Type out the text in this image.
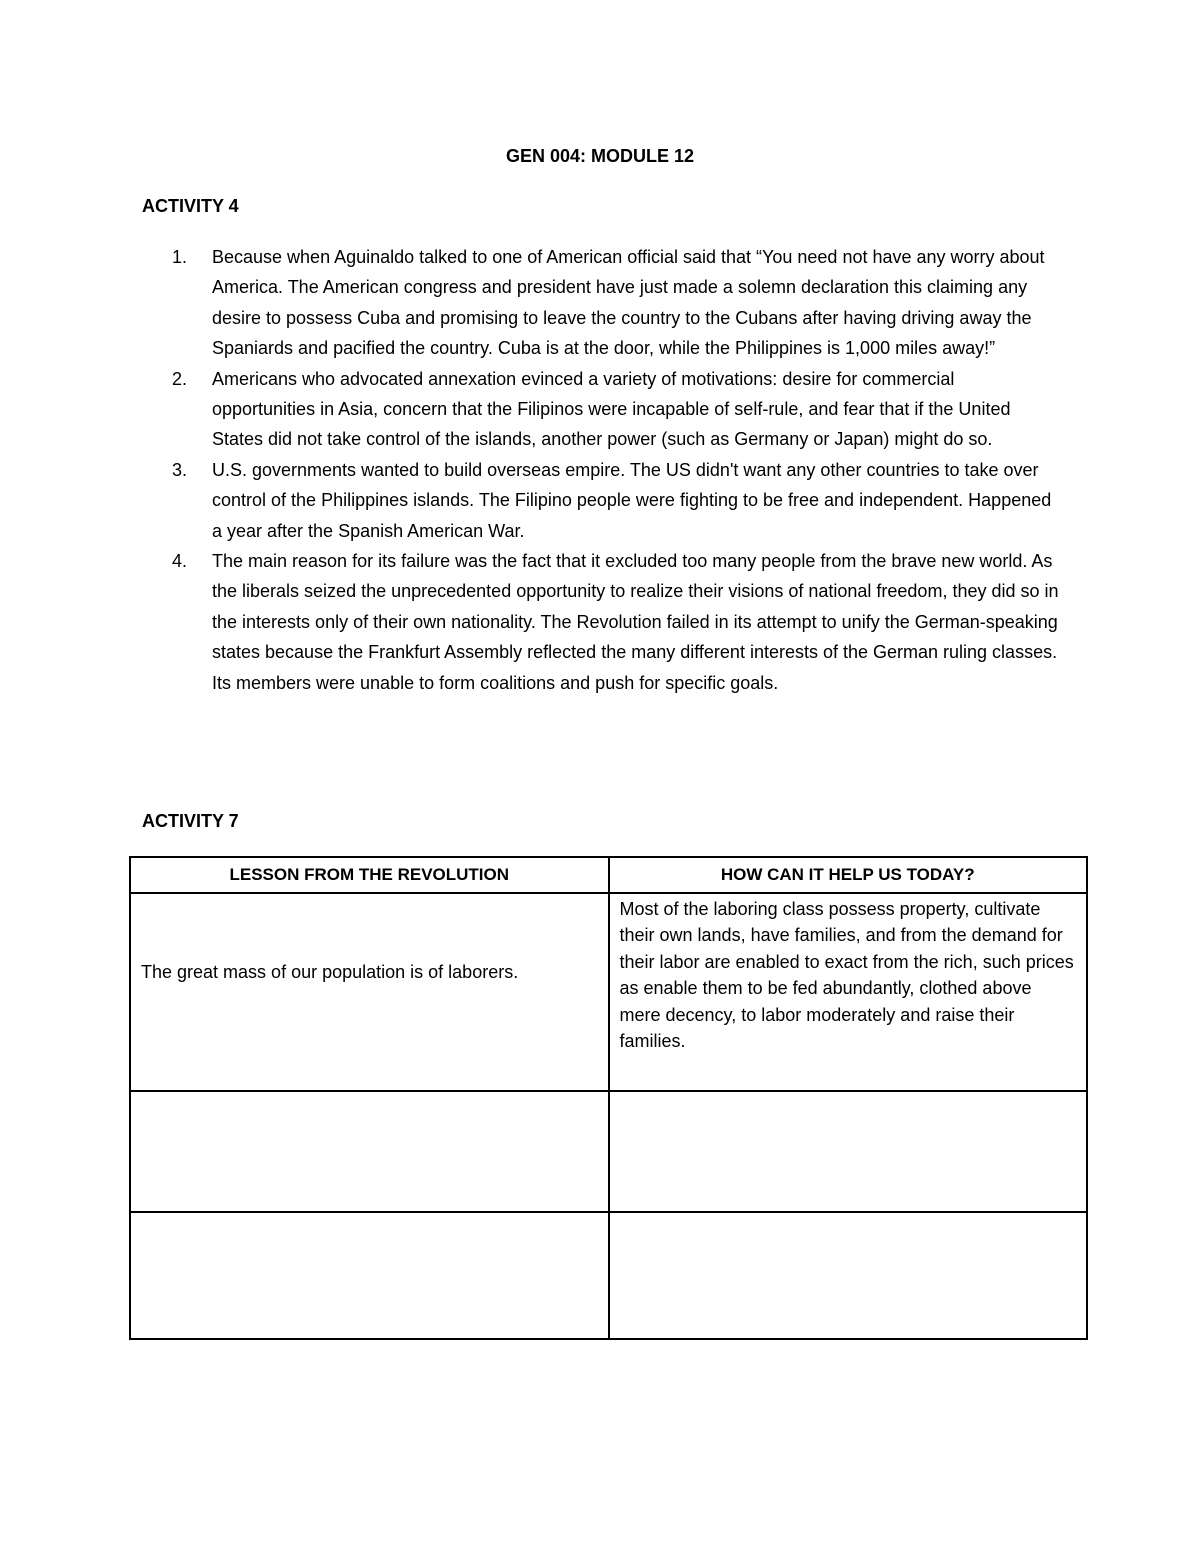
GEN 004: MODULE 12
ACTIVITY 4
1.	Because when Aguinaldo talked to one of American official said that “You need not have any worry about America. The American congress and president have just made a solemn declaration this claiming any desire to possess Cuba and promising to leave the country to the Cubans after having driving away the Spaniards and pacified the country. Cuba is at the door, while the Philippines is 1,000 miles away!”
2.	Americans who advocated annexation evinced a variety of motivations: desire for commercial opportunities in Asia, concern that the Filipinos were incapable of self-rule, and fear that if the United States did not take control of the islands, another power (such as Germany or Japan) might do so.
3.	U.S. governments wanted to build overseas empire. The US didn't want any other countries to take over control of the Philippines islands. The Filipino people were fighting to be free and independent. Happened a year after the Spanish American War.
4.	The main reason for its failure was the fact that it excluded too many people from the brave new world. As the liberals seized the unprecedented opportunity to realize their visions of national freedom, they did so in the interests only of their own nationality. The Revolution failed in its attempt to unify the German-speaking states because the Frankfurt Assembly reflected the many different interests of the German ruling classes. Its members were unable to form coalitions and push for specific goals.
ACTIVITY 7
LESSON FROM THE REVOLUTION	HOW CAN IT HELP US TODAY?
The great mass of our population is of laborers.	Most of the laboring class possess property, cultivate their own lands, have families, and from the demand for their labor are enabled to exact from the rich, such prices as enable them to be fed abundantly, clothed above mere decency, to labor moderately and raise their families.
